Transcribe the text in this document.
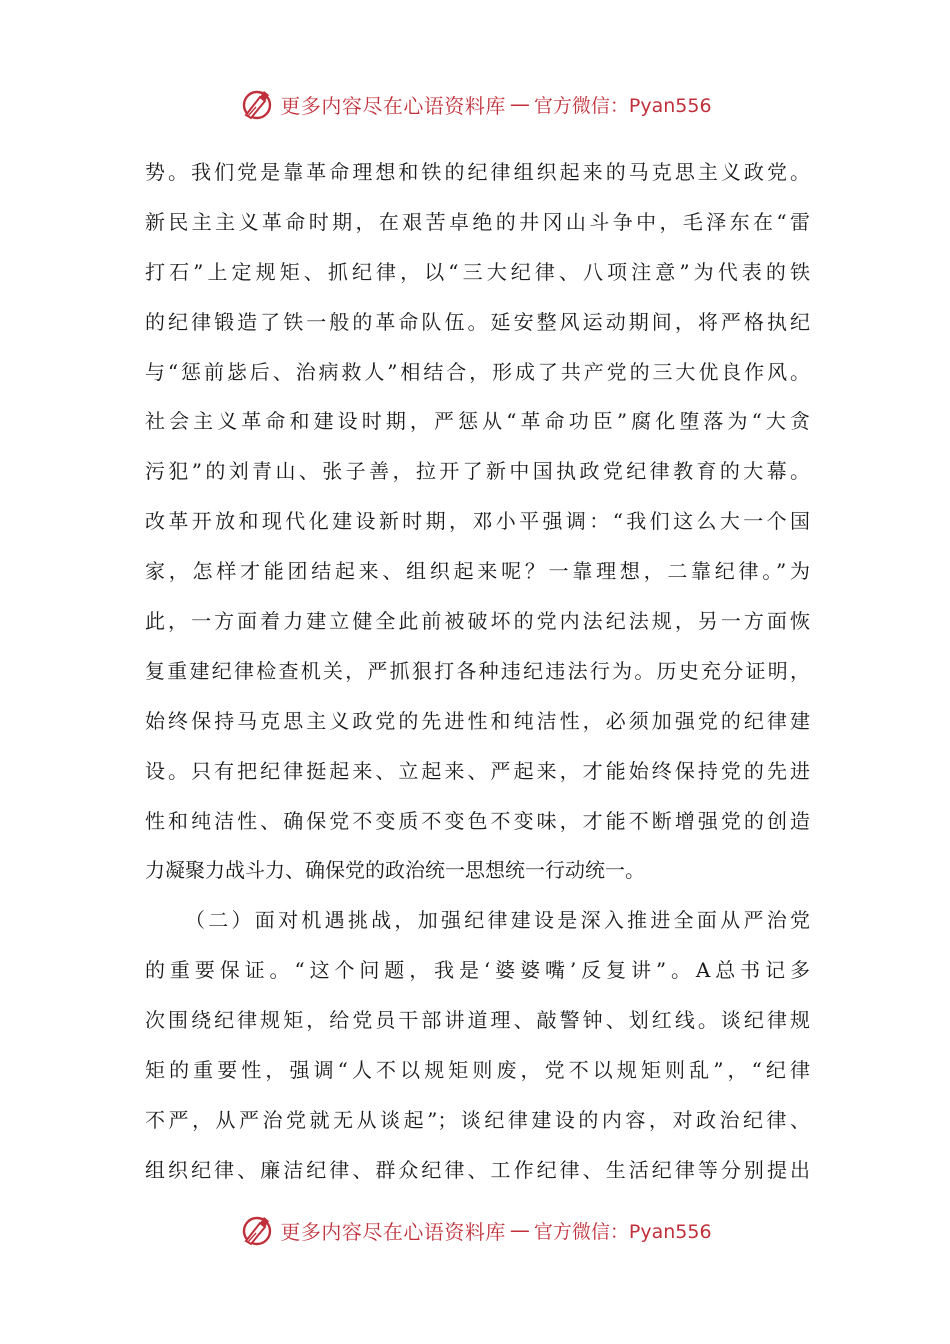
更多内容尽在心语资料库 — 官方微信：Pyan556
势。我们党是靠革命理想和铁的纪律组织起来的马克思主义政党。
新民主主义革命时期，在艰苦卓绝的井冈山斗争中，毛泽东在“雷
打石”上定规矩、抓纪律，以“三大纪律、八项注意”为代表的铁
的纪律锻造了铁一般的革命队伍。延安整风运动期间，将严格执纪
与“惩前毖后、治病救人”相结合，形成了共产党的三大优良作风。
社会主义革命和建设时期，严惩从“革命功臣”腐化堕落为“大贪
污犯”的刘青山、张子善，拉开了新中国执政党纪律教育的大幕。
改革开放和现代化建设新时期，邓小平强调：“我们这么大一个国
家，怎样才能团结起来、组织起来呢？一靠理想，二靠纪律。”为
此，一方面着力建立健全此前被破坏的党内法纪法规，另一方面恢
复重建纪律检查机关，严抓狠打各种违纪违法行为。历史充分证明，
始终保持马克思主义政党的先进性和纯洁性，必须加强党的纪律建
设。只有把纪律挺起来、立起来、严起来，才能始终保持党的先进
性和纯洁性、确保党不变质不变色不变味，才能不断增强党的创造
力凝聚力战斗力、确保党的政治统一思想统一行动统一。
（二）面对机遇挑战，加强纪律建设是深入推进全面从严治党
的重要保证。“这个问题，我是‘婆婆嘴’反复讲”。A总书记多
次围绕纪律规矩，给党员干部讲道理、敲警钟、划红线。谈纪律规
矩的重要性，强调“人不以规矩则废，党不以规矩则乱”，“纪律
不严，从严治党就无从谈起”；谈纪律建设的内容，对政治纪律、
组织纪律、廉洁纪律、群众纪律、工作纪律、生活纪律等分别提出
更多内容尽在心语资料库 — 官方微信：Pyan556
